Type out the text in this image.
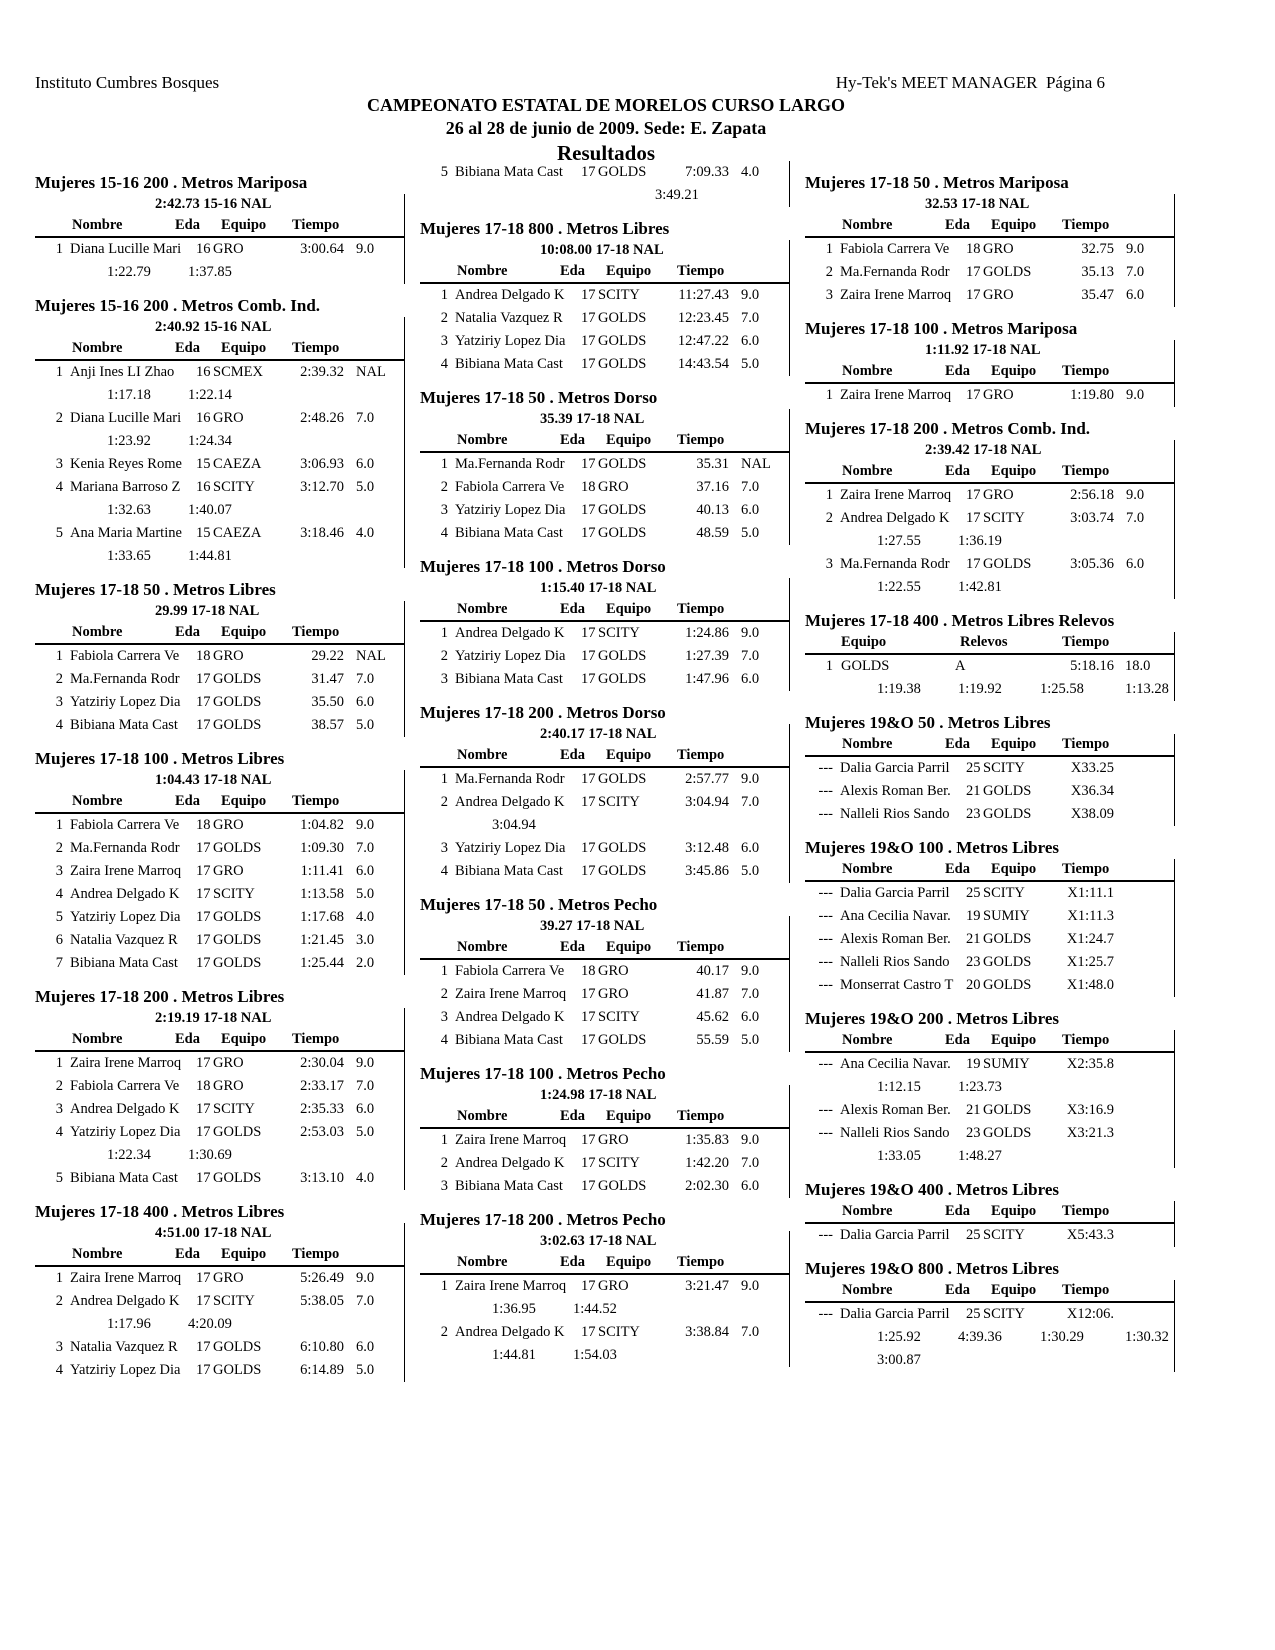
Instituto Cumbres Bosques	Hy-Tek's MEET MANAGER  Página 6
CAMPEONATO ESTATAL DE MORELOS CURSO LARGO
26 al 28 de junio de 2009. Sede: E. Zapata
Resultados
Mujeres 15-16 200 . Metros Mariposa
2:42.73 15-16 NAL
Nombre	Eda Equipo Tiempo
1 Diana Lucille Mari	16 GRO	3:00.64 9.0
1:22.79	1:37.85
Mujeres 15-16 200 . Metros Comb. Ind.
2:40.92 15-16 NAL
Nombre	Eda Equipo Tiempo
1 Anji Ines LI Zhao	16 SCMEX	2:39.32 NAL
1:17.18	1:22.14
2 Diana Lucille Mari	16 GRO	2:48.26 7.0
1:23.92	1:24.34
3 Kenia Reyes Rome 15 CAEZA	3:06.93 6.0
4 Mariana Barroso Z	16 SCITY	3:12.70 5.0
1:32.63	1:40.07
5 Ana Maria Martine 15 CAEZA	3:18.46 4.0
1:33.65	1:44.81
Mujeres 17-18 50 . Metros Libres
29.99 17-18 NAL
Nombre	Eda Equipo Tiempo
1 Fabiola Carrera Ve	18 GRO	29.22 NAL
2 Ma.Fernanda Rodr	17 GOLDS	31.47 7.0
3 Yatziriy Lopez Dia	17 GOLDS	35.50 6.0
4 Bibiana Mata Cast	17 GOLDS	38.57 5.0
Mujeres 17-18 100 . Metros Libres
1:04.43 17-18 NAL
Nombre	Eda Equipo Tiempo
1 Fabiola Carrera Ve	18 GRO	1:04.82 9.0
2 Ma.Fernanda Rodr	17 GOLDS	1:09.30 7.0
3 Zaira Irene Marroq	17 GRO	1:11.41 6.0
4 Andrea Delgado K	17 SCITY	1:13.58 5.0
5 Yatziriy Lopez Dia	17 GOLDS	1:17.68 4.0
6 Natalia Vazquez R	17 GOLDS	1:21.45 3.0
7 Bibiana Mata Cast	17 GOLDS	1:25.44 2.0
Mujeres 17-18 200 . Metros Libres
2:19.19 17-18 NAL
Nombre	Eda Equipo Tiempo
1 Zaira Irene Marroq	17 GRO	2:30.04 9.0
2 Fabiola Carrera Ve	18 GRO	2:33.17 7.0
3 Andrea Delgado K	17 SCITY	2:35.33 6.0
4 Yatziriy Lopez Dia	17 GOLDS	2:53.03 5.0
1:22.34	1:30.69
5 Bibiana Mata Cast	17 GOLDS	3:13.10 4.0
Mujeres 17-18 400 . Metros Libres
4:51.00 17-18 NAL
Nombre	Eda Equipo Tiempo
1 Zaira Irene Marroq	17 GRO	5:26.49 9.0
2 Andrea Delgado K	17 SCITY	5:38.05 7.0
1:17.96	4:20.09
3 Natalia Vazquez R	17 GOLDS	6:10.80 6.0
4 Yatziriy Lopez Dia	17 GOLDS	6:14.89 5.0
5 Bibiana Mata Cast	17 GOLDS	7:09.33 4.0
3:49.21
Mujeres 17-18 800 . Metros Libres
10:08.00 17-18 NAL
Nombre	Eda Equipo Tiempo
1 Andrea Delgado K	17 SCITY	11:27.43 9.0
2 Natalia Vazquez R	17 GOLDS 12:23.45 7.0
3 Yatziriy Lopez Dia	17 GOLDS 12:47.22 6.0
4 Bibiana Mata Cast	17 GOLDS 14:43.54 5.0
Mujeres 17-18 50 . Metros Dorso
35.39 17-18 NAL
Nombre	Eda Equipo Tiempo
1 Ma.Fernanda Rodr	17 GOLDS	35.31 NAL
2 Fabiola Carrera Ve	18 GRO	37.16 7.0
3 Yatziriy Lopez Dia	17 GOLDS	40.13 6.0
4 Bibiana Mata Cast	17 GOLDS	48.59 5.0
Mujeres 17-18 100 . Metros Dorso
1:15.40 17-18 NAL
Nombre	Eda Equipo Tiempo
1 Andrea Delgado K	17 SCITY	1:24.86 9.0
2 Yatziriy Lopez Dia	17 GOLDS	1:27.39 7.0
3 Bibiana Mata Cast	17 GOLDS	1:47.96 6.0
Mujeres 17-18 200 . Metros Dorso
2:40.17 17-18 NAL
Nombre	Eda Equipo Tiempo
1 Ma.Fernanda Rodr	17 GOLDS	2:57.77 9.0
2 Andrea Delgado K	17 SCITY	3:04.94 7.0
3:04.94
3 Yatziriy Lopez Dia	17 GOLDS	3:12.48 6.0
4 Bibiana Mata Cast	17 GOLDS	3:45.86 5.0
Mujeres 17-18 50 . Metros Pecho
39.27 17-18 NAL
Nombre	Eda Equipo Tiempo
1 Fabiola Carrera Ve	18 GRO	40.17 9.0
2 Zaira Irene Marroq	17 GRO	41.87 7.0
3 Andrea Delgado K	17 SCITY	45.62 6.0
4 Bibiana Mata Cast	17 GOLDS	55.59 5.0
Mujeres 17-18 100 . Metros Pecho
1:24.98 17-18 NAL
Nombre	Eda Equipo Tiempo
1 Zaira Irene Marroq	17 GRO	1:35.83 9.0
2 Andrea Delgado K	17 SCITY	1:42.20 7.0
3 Bibiana Mata Cast	17 GOLDS	2:02.30 6.0
Mujeres 17-18 200 . Metros Pecho
3:02.63 17-18 NAL
Nombre	Eda Equipo Tiempo
1 Zaira Irene Marroq	17 GRO	3:21.47 9.0
1:36.95	1:44.52
2 Andrea Delgado K	17 SCITY	3:38.84 7.0
1:44.81	1:54.03
Mujeres 17-18 50 . Metros Mariposa
32.53 17-18 NAL
Nombre	Eda Equipo Tiempo
1 Fabiola Carrera Ve	18 GRO	32.75 9.0
2 Ma.Fernanda Rodr	17 GOLDS	35.13 7.0
3 Zaira Irene Marroq	17 GRO	35.47 6.0
Mujeres 17-18 100 . Metros Mariposa
1:11.92 17-18 NAL
Nombre	Eda Equipo Tiempo
1 Zaira Irene Marroq	17 GRO	1:19.80 9.0
Mujeres 17-18 200 . Metros Comb. Ind.
2:39.42 17-18 NAL
Nombre	Eda Equipo Tiempo
1 Zaira Irene Marroq	17 GRO	2:56.18 9.0
2 Andrea Delgado K	17 SCITY	3:03.74 7.0
1:27.55	1:36.19
3 Ma.Fernanda Rodr	17 GOLDS	3:05.36 6.0
1:22.55	1:42.81
Mujeres 17-18 400 . Metros Libres Relevos
Equipo	Relevos	Tiempo
1 GOLDS	A	5:18.16 18.0
1:19.38	1:19.92	1:25.58	1:13.28
Mujeres 19&O 50 . Metros Libres
Nombre	Eda Equipo Tiempo
--- Dalia Garcia Parril	25 SCITY	X33.25
--- Alexis Roman Ber.	21 GOLDS	X36.34
--- Nalleli Rios Sando	23 GOLDS	X38.09
Mujeres 19&O 100 . Metros Libres
Nombre	Eda Equipo Tiempo
--- Dalia Garcia Parril	25 SCITY	X1:11.1
--- Ana Cecilia Navar.	19 SUMIY	X1:11.3
--- Alexis Roman Ber.	21 GOLDS X1:24.7
--- Nalleli Rios Sando	23 GOLDS X1:25.7
--- Monserrat Castro T 20 GOLDS X1:48.0
Mujeres 19&O 200 . Metros Libres
Nombre	Eda Equipo Tiempo
--- Ana Cecilia Navar.	19 SUMIY	X2:35.8
1:12.15	1:23.73
--- Alexis Roman Ber.	21 GOLDS X3:16.9
--- Nalleli Rios Sando	23 GOLDS X3:21.3
1:33.05	1:48.27
Mujeres 19&O 400 . Metros Libres
Nombre	Eda Equipo Tiempo
--- Dalia Garcia Parril	25 SCITY	X5:43.3
Mujeres 19&O 800 . Metros Libres
Nombre	Eda Equipo Tiempo
--- Dalia Garcia Parril	25 SCITY	X12:06.
1:25.92	4:39.36	1:30.29	1:30.32
3:00.87
